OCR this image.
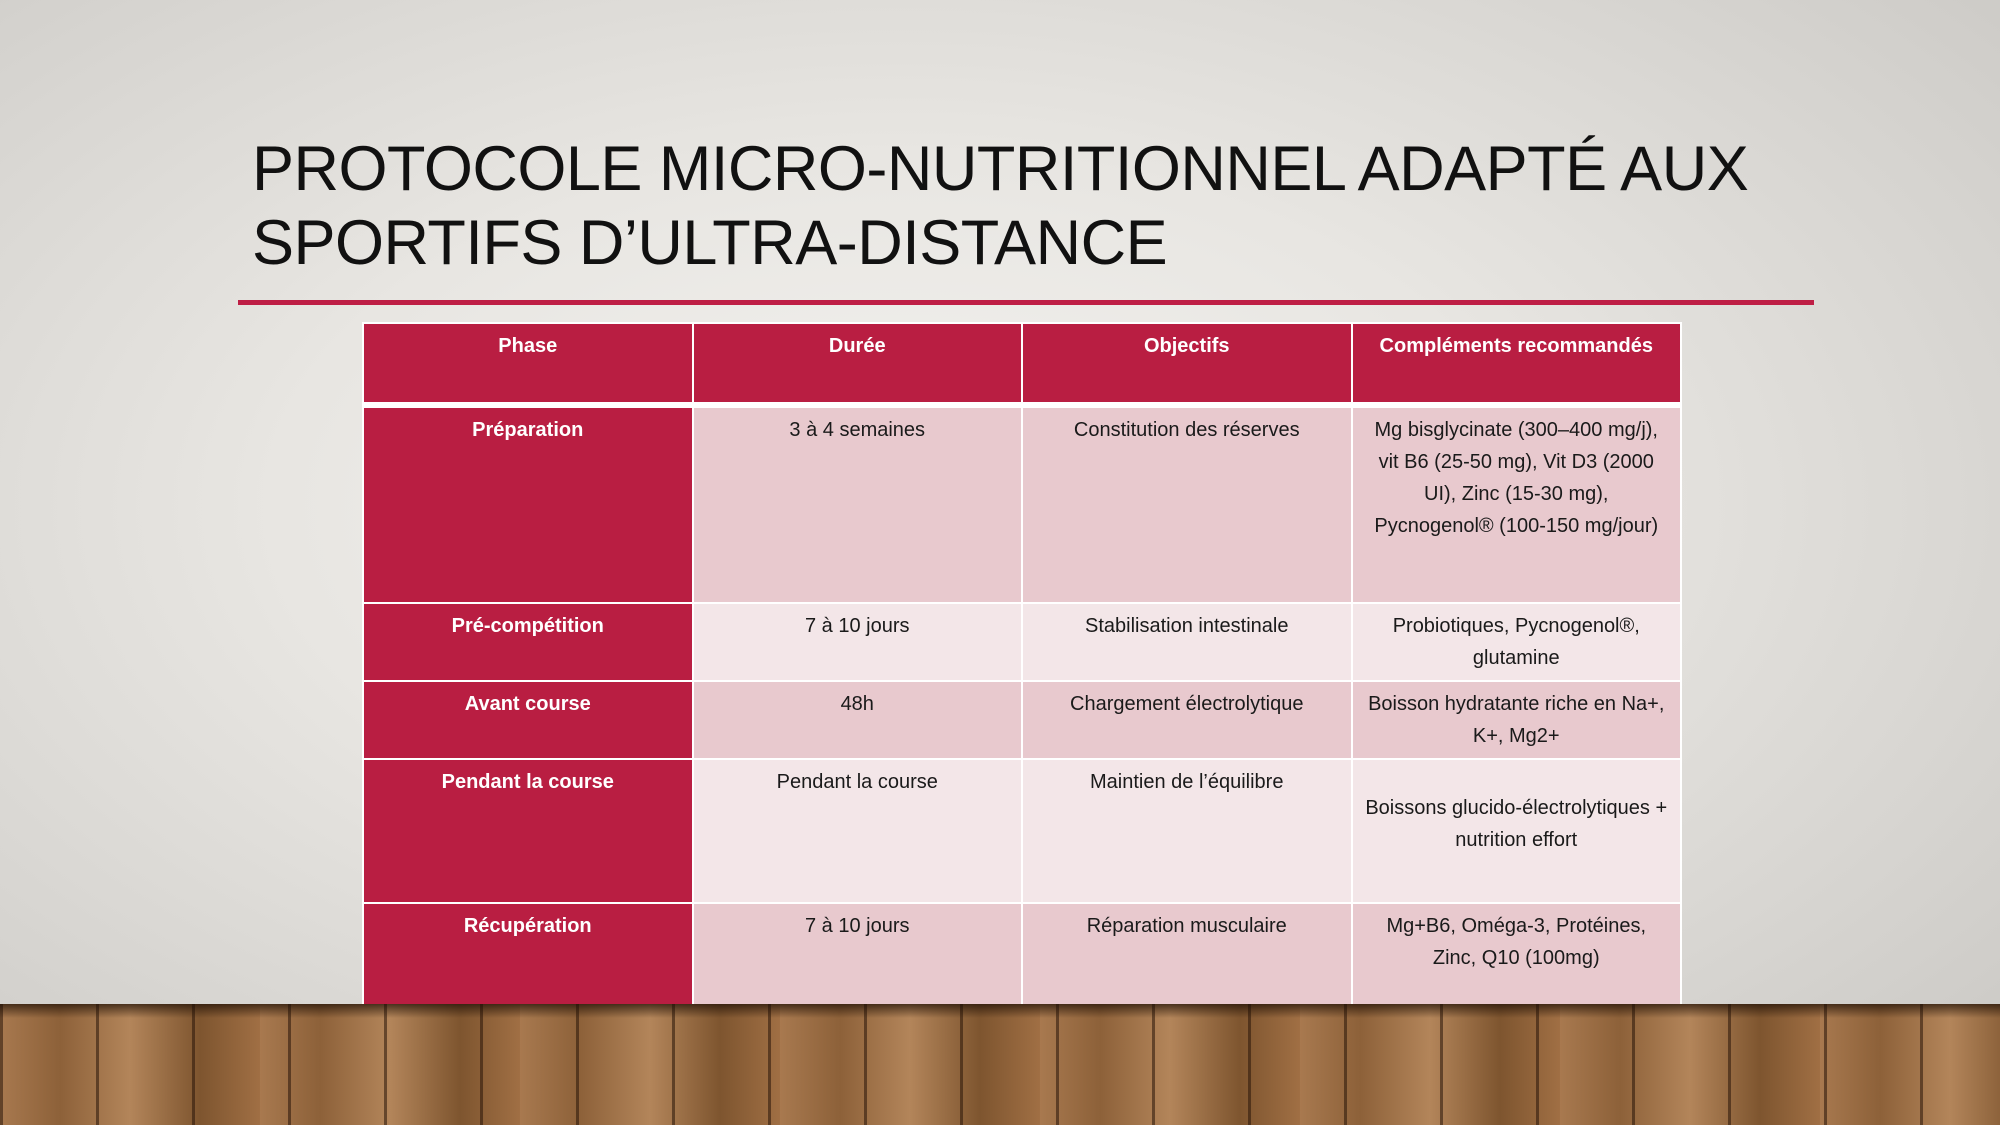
PROTOCOLE MICRO-NUTRITIONNEL ADAPTÉ AUX
SPORTIFS D’ULTRA-DISTANCE
Phase	Durée	Objectifs	Compléments recommandés
Préparation	3 à 4 semaines	Constitution des réserves	Mg bisglycinate (300–400 mg/j), vit B6 (25-50 mg), Vit D3 (2000 UI), Zinc (15-30 mg), Pycnogenol® (100-150 mg/jour)
Pré-compétition	7 à 10 jours	Stabilisation intestinale	Probiotiques, Pycnogenol®, glutamine
Avant course	48h	Chargement électrolytique	Boisson hydratante riche en Na+, K+, Mg2+
Pendant la course	Pendant la course	Maintien de l’équilibre	Boissons glucido-électrolytiques + nutrition effort
Récupération	7 à 10 jours	Réparation musculaire	Mg+B6, Oméga-3, Protéines, Zinc, Q10 (100mg)
